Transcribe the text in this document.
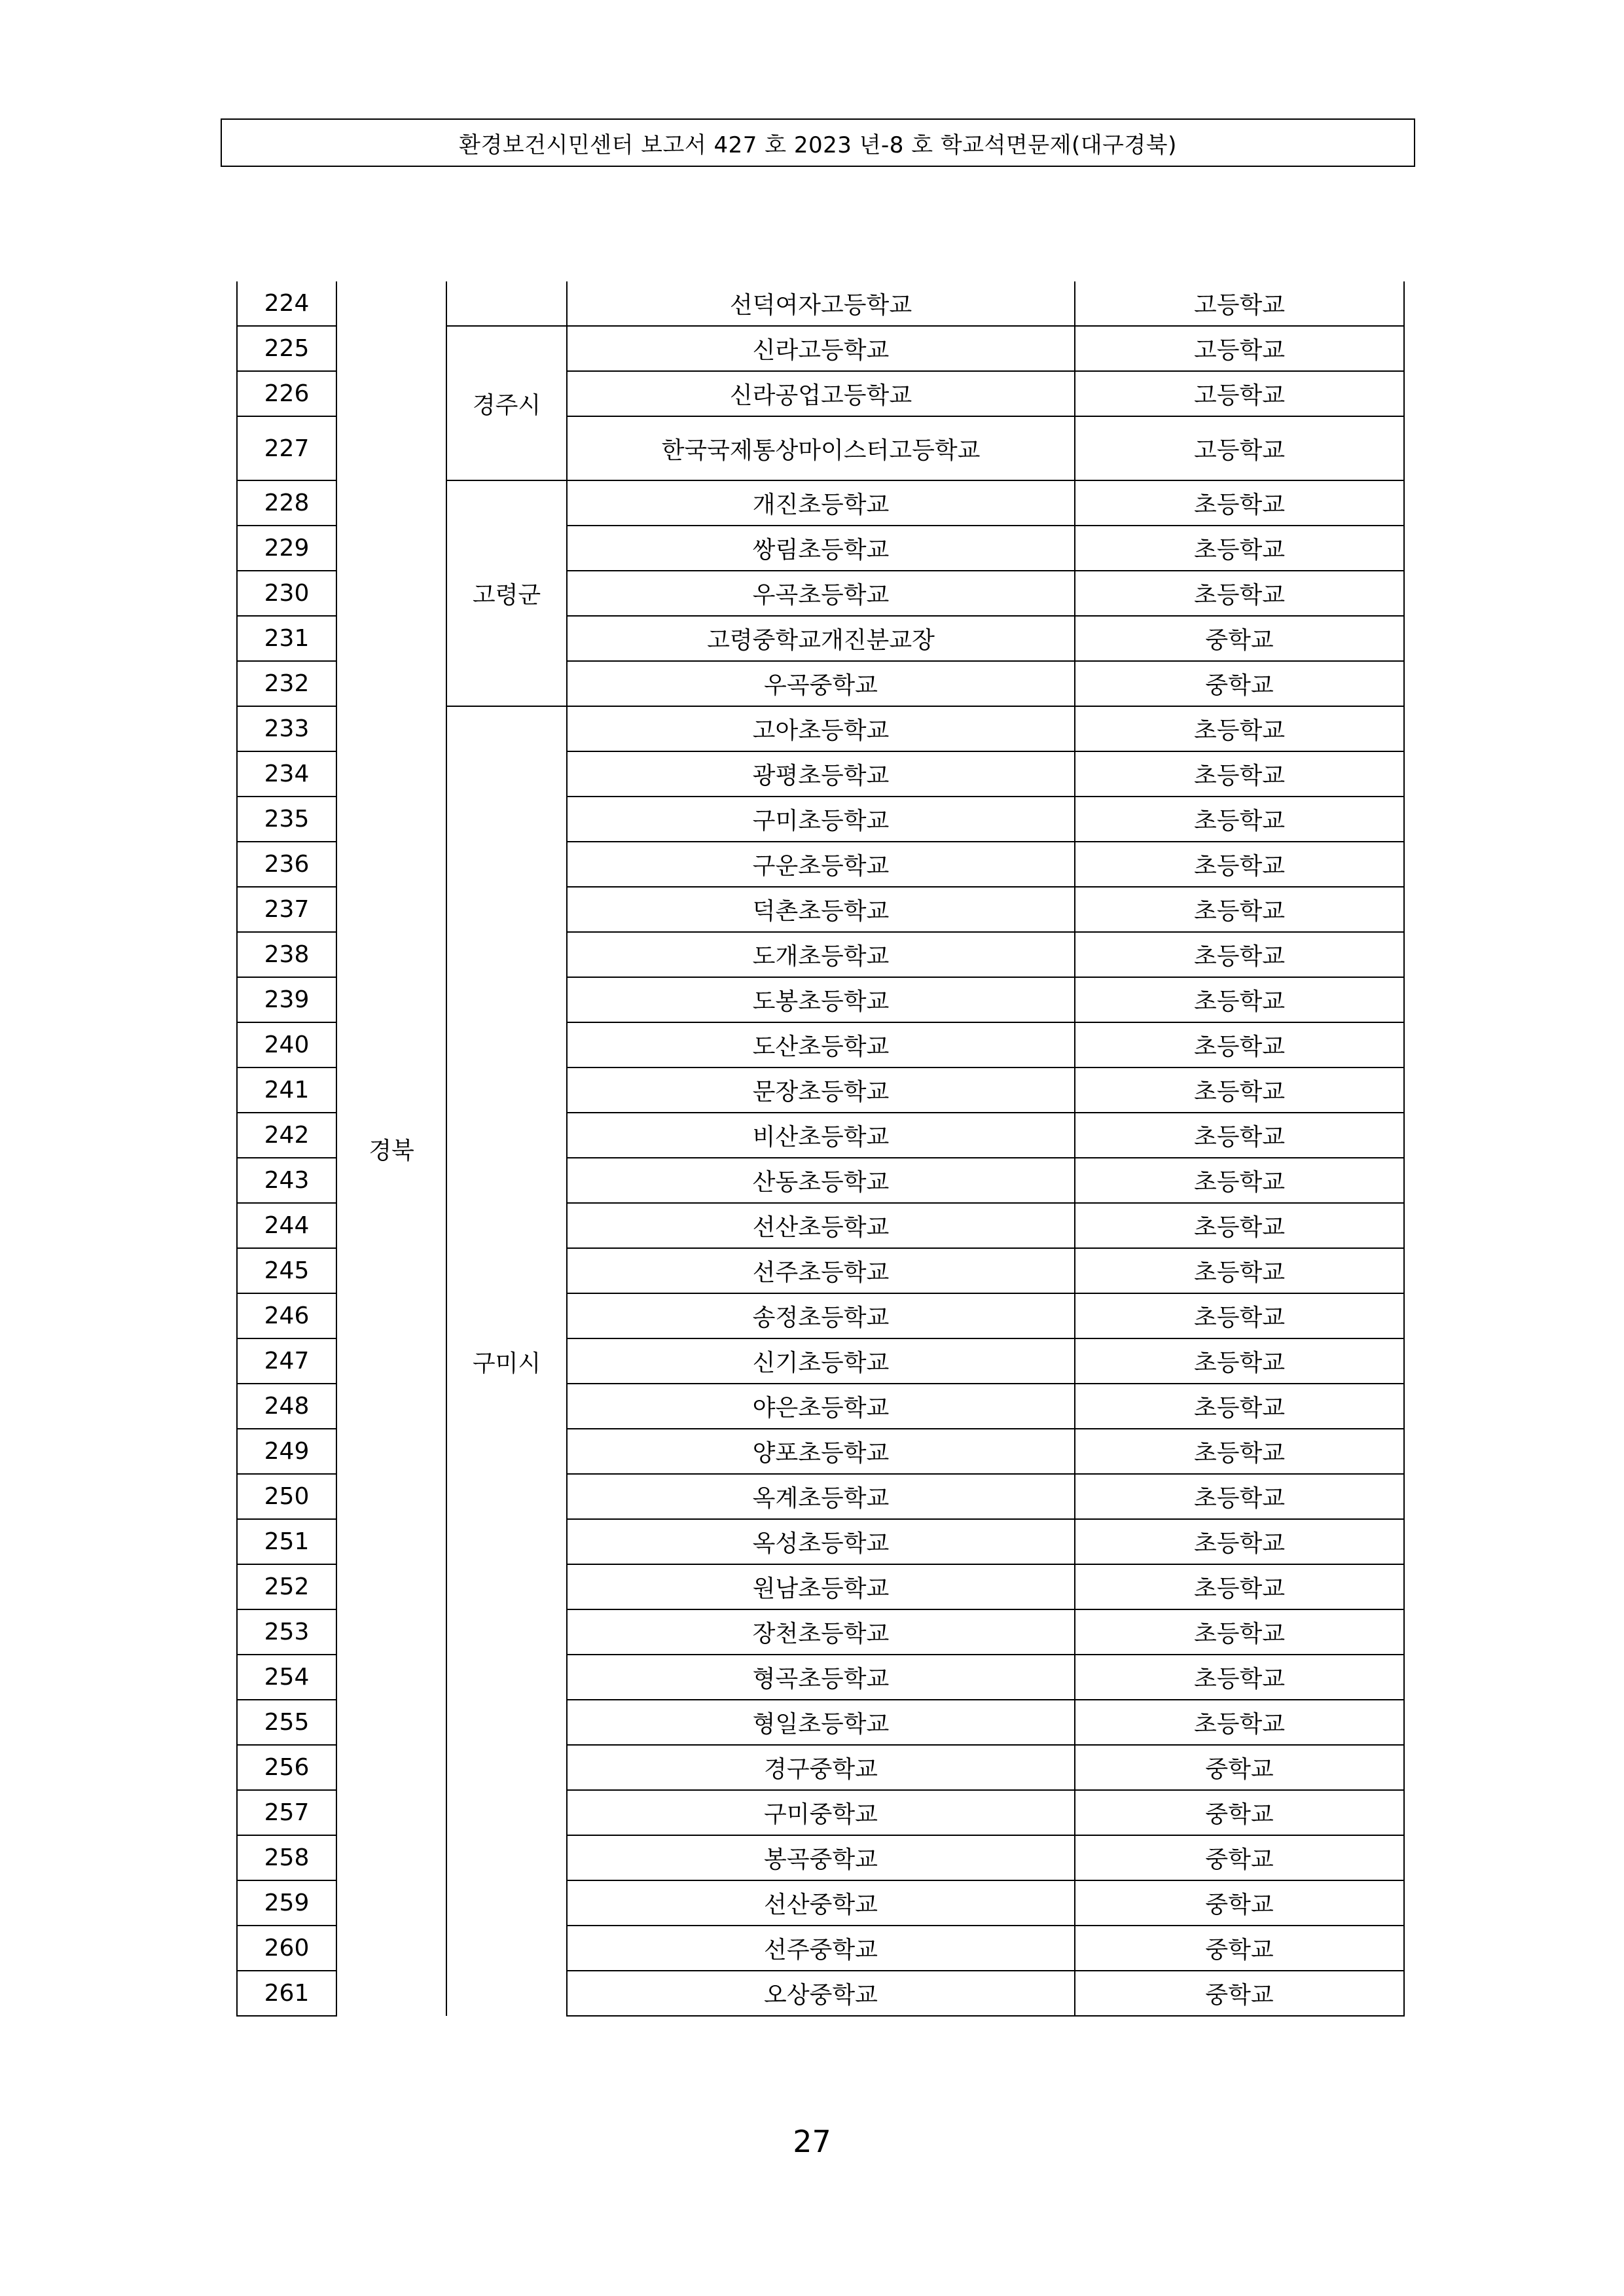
환경보건시민센터 보고서 427 호 2023 년-8 호 학교석면문제(대구경북)
224	경북		선덕여자고등학교	고등학교
225		경주시	신라고등학교	고등학교
226			신라공업고등학교	고등학교
227			한국국제통상마이스터고등학교	고등학교
228		고령군	개진초등학교	초등학교
229			쌍림초등학교	초등학교
230			우곡초등학교	초등학교
231			고령중학교개진분교장	중학교
232			우곡중학교	중학교
233		구미시	고아초등학교	초등학교
234			광평초등학교	초등학교
235			구미초등학교	초등학교
236			구운초등학교	초등학교
237			덕촌초등학교	초등학교
238			도개초등학교	초등학교
239			도봉초등학교	초등학교
240			도산초등학교	초등학교
241			문장초등학교	초등학교
242			비산초등학교	초등학교
243			산동초등학교	초등학교
244			선산초등학교	초등학교
245			선주초등학교	초등학교
246			송정초등학교	초등학교
247			신기초등학교	초등학교
248			야은초등학교	초등학교
249			양포초등학교	초등학교
250			옥계초등학교	초등학교
251			옥성초등학교	초등학교
252			원남초등학교	초등학교
253			장천초등학교	초등학교
254			형곡초등학교	초등학교
255			형일초등학교	초등학교
256			경구중학교	중학교
257			구미중학교	중학교
258			봉곡중학교	중학교
259			선산중학교	중학교
260			선주중학교	중학교
261			오상중학교	중학교
27
